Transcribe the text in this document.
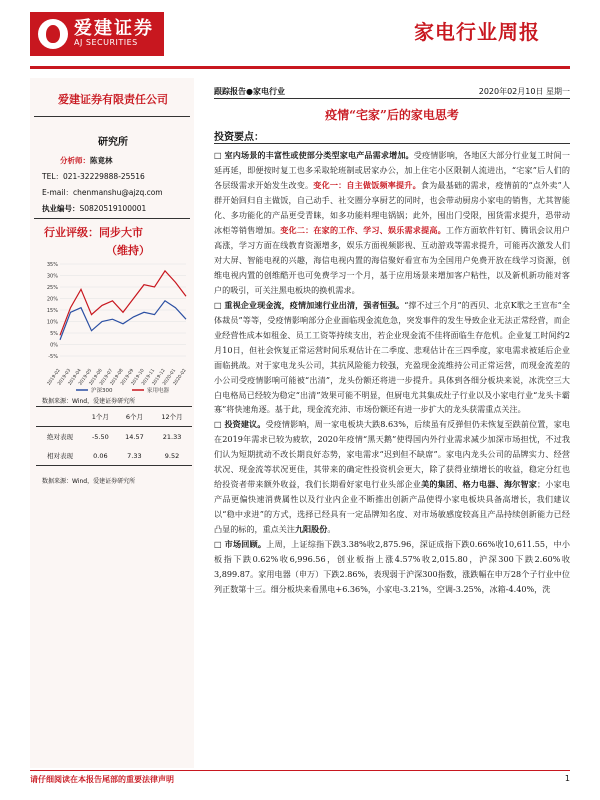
爱建证券
AJ SECURITIES	家电行业周报
爱建证券有限责任公司
研究所
分析师：陈竟林
TEL：021-32229888-25516
E-mail：chenmanshu@ajzq.com
执业编号：S0820519100001
行业评级：同步大市
（维持）
-5%
0%
5%
10%
15%
20%
25%
30%
35%
2019-02
2019-03
2019-04
2019-05
2019-06
2019-07
2019-08
2019-09
2019-10
2019-11
2019-12
2020-01
2020-02
沪深300	家用电器
数据来源：Wind，爱建证券研究所
	1个月	6个月	12个月
绝对表现	-5.50	14.57	21.33
相对表现	0.06	7.33	9.52
数据来源：Wind，爱建证券研究所
跟踪报告●家电行业	2020年02月10日 星期一
疫情“宅家”后的家电思考
投资要点：

□ 室内场景的丰富性或使部分类型家电产品需求增加。受疫情影响，各地区大部分行业复工时间一延再延，即便按时复工也多采取轮班制或居家办公，加上住宅小区限制人流进出，“宅家”后人们的各层级需求开始发生改变。变化一：自主做饭频率提升。食为最基础的需求，疫情前的“点外卖”人群开始回归自主做饭，自己动手、社交圈分享厨艺的同时，也会带动厨房小家电的销售，尤其智能化、多功能化的产品更受青睐，如多功能料理电锅锅；此外，囤出门受限，囤货需求提升，恐带动冰柜等销售增加。变化二：在家的工作、学习、娱乐需求提高。工作方面软件钉钉、腾讯会议用户高涨，学习方面在线教育资源增多，娱乐方面视频影视、互动游戏等需求提升，可能再次激发人们对大屏、智能电视的兴趣，海信电视内置的海信聚好看宣布为全国用户免费开放在线学习资源，创维电视内置的创维酷开也可免费学习一个月，基于应用场景来增加客户粘性，以及新机新功能对客户的吸引，可关注黑电板块的换机需求。

□ 重视企业现金流，疫情加速行业出清，强者恒强。“撑不过三个月”的西贝、北京K歌之王宣布“全体裁员”等等，受疫情影响部分企业面临现金流危急，突发事件的发生导致企业无法正常经营，而企业经营性成本如租金、员工工资等持续支出，若企业现金流不佳将面临生存危机。企业复工时间约2月10日，但社会恢复正常运营时间乐观估计在二季度、悲观估计在三四季度，家电需求被延后企业面临挑战。对于家电龙头公司，其抗风险能力较强，充盈现金流维持公司正常运营，而现金流差的小公司受疫情影响可能被“出清”，龙头份额还将进一步提升。具体到各细分板块来说，冰洗空三大白电格局已经较为稳定“出清”效果可能不明显，但厨电尤其集成灶子行业以及小家电行业“龙头卡霸寡”将快速角逐。基于此，现金流充沛、市场份额还有进一步扩大的龙头获需重点关注。

□ 投资建议。受疫情影响，周一家电板块大跌8.63%，后续虽有反弹但仍未恢复至跌前位置，家电在2019年需求已较为疲软，2020年疫情“黑天鹅”使得国内外行业需求减少加深市场担忧，不过我们认为短期扰动不改长期良好态势，家电需求“迟到但不缺席”。家电内龙头公司的品牌实力、经营状况、现金流等状况更佳，其带来的确定性投资机会更大，除了获得业绩增长的收益，稳定分红也给投资者带来额外收益，我们长期看好家电行业头部企业美的集团、格力电器、海尔智家；小家电产品更偏快速消费属性以及行业内企业不断推出创新产品使得小家电板块具备高增长，我们建议以“稳中求进”的方式，选择已经具有一定品牌知名度、对市场敏感度较高且产品持续创新能力已经凸显的标的，重点关注九阳股份。

□ 市场回顾。上周，上证综指下跌3.38%收2,875.96，深证成指下跌0.66%收10,611.55，中小板指下跌0.62%收6,996.56，创业板指上涨4.57%收2,015.80，沪深300下跌2.60%收3,899.87。家用电器（申万）下跌2.86%，表现弱于沪深300指数，涨跌幅在申万28个子行业中位列正数第十三。细分板块来看黑电+6.36%，小家电-3.21%，空调-3.25%，冰箱-4.40%，洗

请仔细阅读在本报告尾部的重要法律声明	1
